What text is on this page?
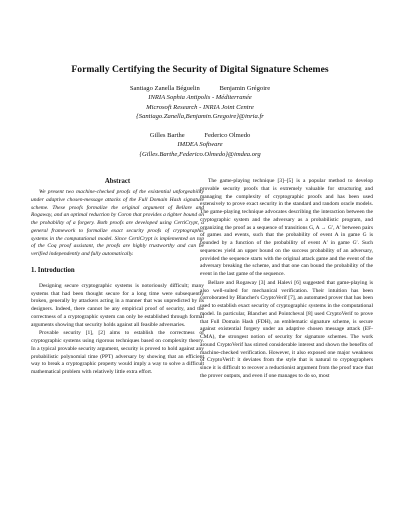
Formally Certifying the Security of Digital Signature Schemes
Santiago Zanella Béguelin	Benjamin Grégoire
INRIA Sophia Antipolis - Méditerranée
Microsoft Research - INRIA Joint Centre
{Santiago.Zanella,Benjamin.Gregoire}@inria.fr
Gilles Barthe	Federico Olmedo
IMDEA Software
{Gilles.Barthe,Federico.Olmedo}@imdea.org
Abstract

We present two machine-checked proofs of the existential unforgeability under adaptive chosen-message attacks of the Full Domain Hash signature scheme. These proofs formalize the original argument of Bellare and Rogaway, and an optimal reduction by Coron that provides a tighter bound on the probability of a forgery. Both proofs are developed using CertiCrypt, a general framework to formalize exact security proofs of cryptographic systems in the computational model. Since CertiCrypt is implemented on top of the Coq proof assistant, the proofs are highly trustworthy and can be verified independently and fully automatically.

1. Introduction

Designing secure cryptographic systems is notoriously difficult; many systems that had been thought secure for a long time were subsequently broken, generally by attackers acting in a manner that was unpredicted by its designers. Indeed, there cannot be any empirical proof of security, and the correctness of a cryptographic system can only be established through formal arguments showing that security holds against all feasible adversaries.

Provable security [1], [2] aims to establish the correctness of cryptographic systems using rigorous techniques based on complexity theory. In a typical provable security argument, security is proved to hold against any probabilistic polynomial time (PPT) adversary by showing that an efficient way to break a cryptographic property would imply a way to solve a difficult mathematical problem with relatively little extra effort.

The game-playing technique [3]–[5] is a popular method to develop provable security proofs that is extremely valuable for structuring and managing the complexity of cryptographic proofs and has been used extensively to prove exact security in the standard and random oracle models. The game-playing technique advocates describing the interaction between the cryptographic system and the adversary as a probabilistic program, and organizing the proof as a sequence of transitions G, A → G′, A′ between pairs of games and events, such that the probability of event A in game G is bounded by a function of the probability of event A′ in game G′. Such sequences yield an upper bound on the success probability of an adversary, provided the sequence starts with the original attack game and the event of the adversary breaking the scheme, and that one can bound the probability of the event in the last game of the sequence.

Bellare and Rogaway [3] and Halevi [6] suggested that game-playing is also well-suited for mechanical verification. Their intuition has been corroborated by Blanchet's CryptoVerif [7], an automated prover that has been used to establish exact security of cryptographic systems in the computational model. In particular, Blanchet and Pointcheval [8] used CryptoVerif to prove that Full Domain Hash (FDH), an emblematic signature scheme, is secure against existential forgery under an adaptive chosen message attack (EF-CMA), the strongest notion of security for signature schemes. The work around CryptoVerif has stirred considerable interest and shown the benefits of machine-checked verification. However, it also exposed one major weakness of CryptoVerif: it deviates from the style that is natural to cryptographers since it is difficult to recover a reductionist argument from the proof trace that the prover outputs, and even if one manages to do so, most
